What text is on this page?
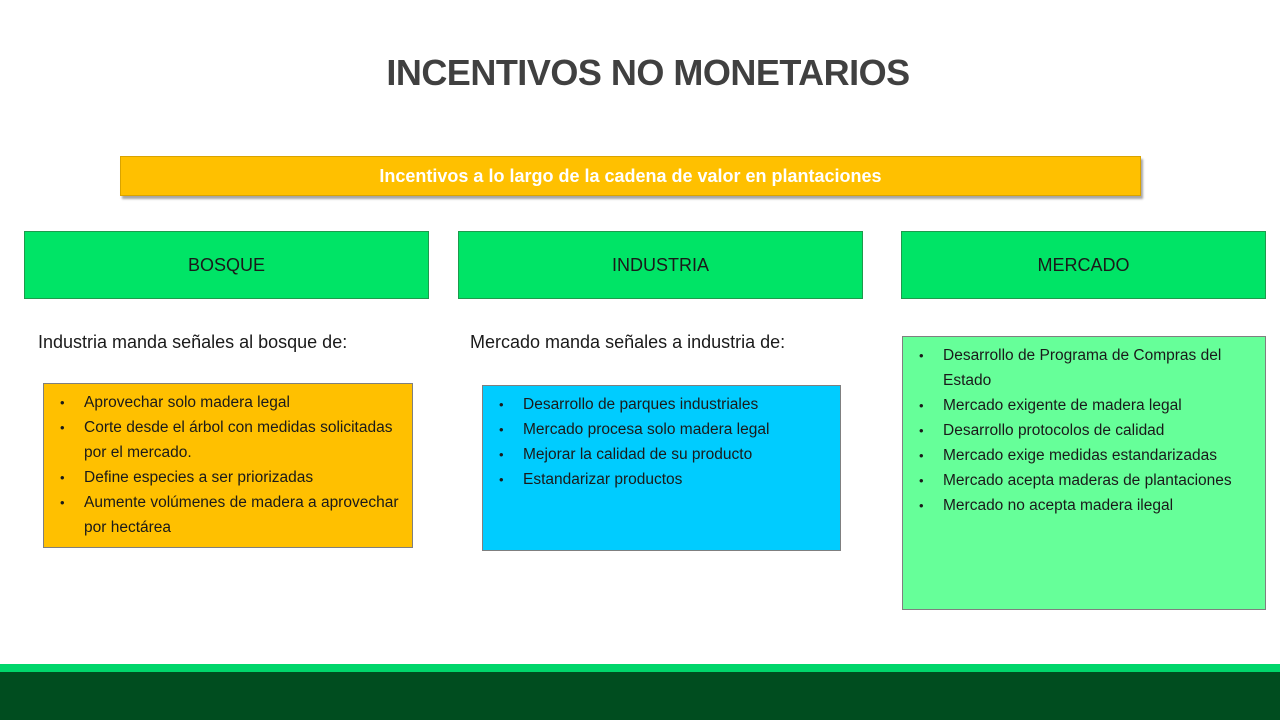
INCENTIVOS NO MONETARIOS
Incentivos a lo largo de la cadena de valor en plantaciones
BOSQUE	INDUSTRIA	MERCADO
Industria manda señales al bosque de:	Mercado manda señales a industria de:
• Aprovechar solo madera legal
• Corte desde el árbol con medidas solicitadas por el mercado.
• Define especies a ser priorizadas
• Aumente volúmenes de madera a aprovechar por hectárea
• Desarrollo de parques industriales
• Mercado procesa solo madera legal
• Mejorar la calidad de su producto
• Estandarizar productos
• Desarrollo de Programa de Compras del Estado
• Mercado exigente de madera legal
• Desarrollo protocolos de calidad
• Mercado exige medidas estandarizadas
• Mercado acepta maderas de plantaciones
• Mercado no acepta madera ilegal
